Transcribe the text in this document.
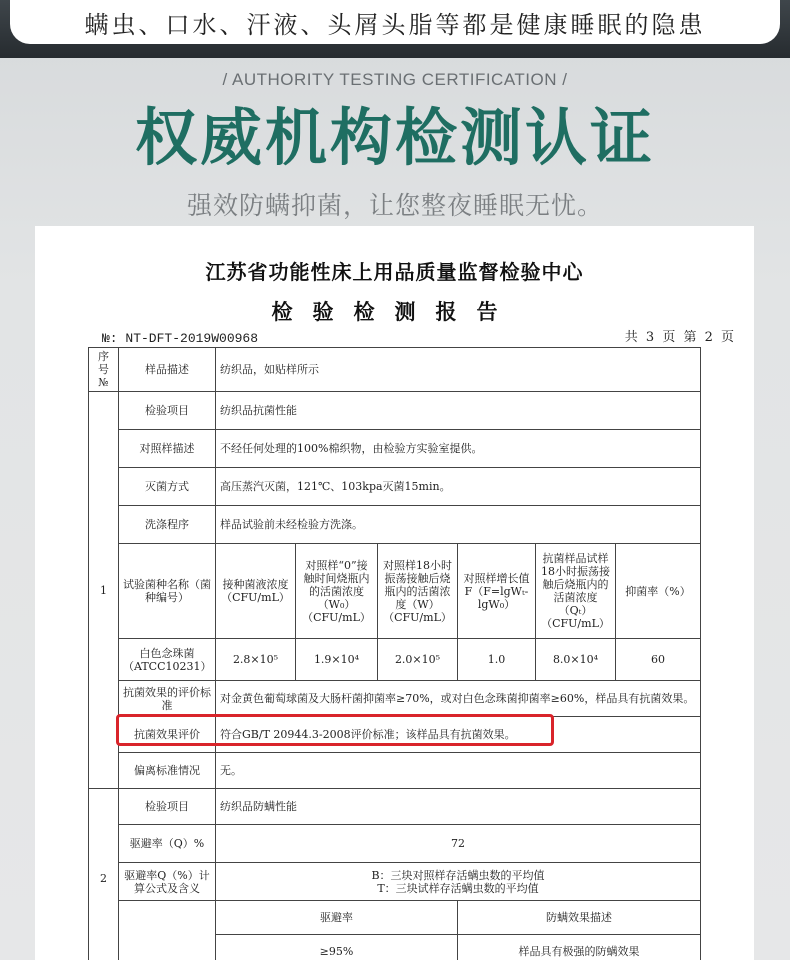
螨虫、口水、汗液、头屑头脂等都是健康睡眠的隐患
/ AUTHORITY TESTING CERTIFICATION /
权威机构检测认证
强效防螨抑菌，让您整夜睡眠无忧。
江苏省功能性床上用品质量监督检验中心
检验检测报告
№: NT-DFT-2019W00968	共 3 页 第 2 页
序号 №	样品描述	纺织品，如贴样所示					
1	检验项目	纺织品抗菌性能					
	对照样描述	不经任何处理的100%棉织物，由检验方实验室提供。					
	灭菌方式	高压蒸汽灭菌，121℃、103kpa灭菌15min。					
	洗涤程序	样品试验前未经检验方洗涤。					
	试验菌种名称（菌种编号）	接种菌液浓度（CFU/mL）	对照样“0”接触时间烧瓶内的活菌浓度（W₀）（CFU/mL）	对照样18小时振荡接触后烧瓶内的活菌浓度（W）（CFU/mL）	对照样增长值F（F=lgWₜ-lgW₀）	抗菌样品试样18小时振荡接触后烧瓶内的活菌浓度（Qₜ）（CFU/mL）	抑菌率（%）
	白色念珠菌（ATCC10231）	2.8×10⁵	1.9×10⁴	2.0×10⁵	1.0	8.0×10⁴	60
	抗菌效果的评价标准	对金黄色葡萄球菌及大肠杆菌抑菌率≥70%，或对白色念珠菌抑菌率≥60%，样品具有抗菌效果。					
	抗菌效果评价	符合GB/T 20944.3-2008评价标准；该样品具有抗菌效果。					
	偏离标准情况	无。					

2	检验项目	纺织品防螨性能					
	驱避率（Q）%	72					
	驱避率Q（%）计算公式及含义	B：三块对照样存活螨虫数的平均值
T：三块试样存活螨虫数的平均值					

		驱避率			防螨效果描述		
		≥95%			样品具有极强的防螨效果		
